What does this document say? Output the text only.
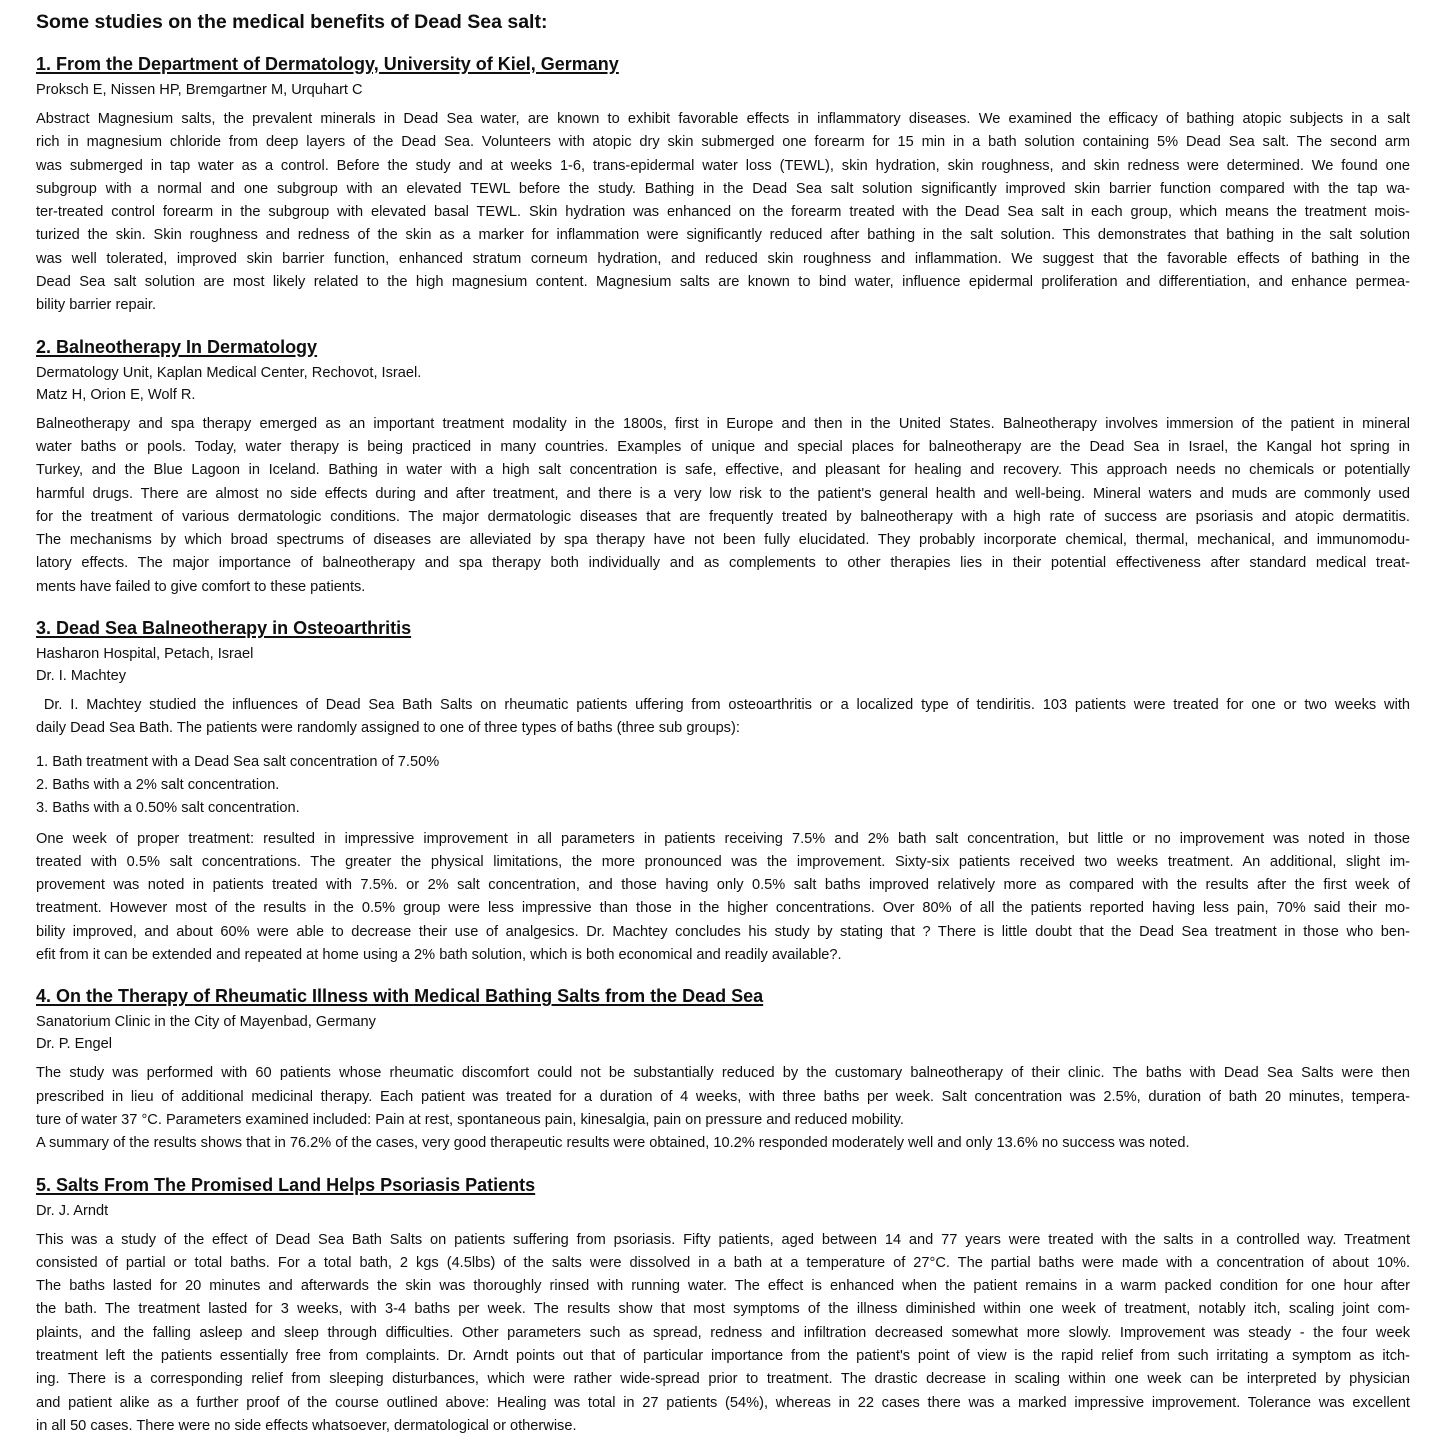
Some studies on the medical benefits of Dead Sea salt:
1. From the Department of Dermatology, University of Kiel, Germany
Proksch E, Nissen HP, Bremgartner M, Urquhart C
Abstract Magnesium salts, the prevalent minerals in Dead Sea water, are known to exhibit favorable effects in inflammatory diseases. We examined the efficacy of bathing atopic subjects in a salt
rich in magnesium chloride from deep layers of the Dead Sea. Volunteers with atopic dry skin submerged one forearm for 15 min in a bath solution containing 5% Dead Sea salt. The second arm
was submerged in tap water as a control. Before the study and at weeks 1-6, trans-epidermal water loss (TEWL), skin hydration, skin roughness, and skin redness were determined. We found one
subgroup with a normal and one subgroup with an elevated TEWL before the study. Bathing in the Dead Sea salt solution significantly improved skin barrier function compared with the tap wa-
ter-treated control forearm in the subgroup with elevated basal TEWL. Skin hydration was enhanced on the forearm treated with the Dead Sea salt in each group, which means the treatment mois-
turized the skin. Skin roughness and redness of the skin as a marker for inflammation were significantly reduced after bathing in the salt solution. This demonstrates that bathing in the salt solution
was well tolerated, improved skin barrier function, enhanced stratum corneum hydration, and reduced skin roughness and inflammation. We suggest that the favorable effects of bathing in the
Dead Sea salt solution are most likely related to the high magnesium content. Magnesium salts are known to bind water, influence epidermal proliferation and differentiation, and enhance permea-
bility barrier repair.
2. Balneotherapy In Dermatology
Dermatology Unit, Kaplan Medical Center, Rechovot, Israel.
Matz H, Orion E, Wolf R.
Balneotherapy and spa therapy emerged as an important treatment modality in the 1800s, first in Europe and then in the United States. Balneotherapy involves immersion of the patient in mineral
water baths or pools. Today, water therapy is being practiced in many countries. Examples of unique and special places for balneotherapy are the Dead Sea in Israel, the Kangal hot spring in
Turkey, and the Blue Lagoon in Iceland. Bathing in water with a high salt concentration is safe, effective, and pleasant for healing and recovery. This approach needs no chemicals or potentially
harmful drugs. There are almost no side effects during and after treatment, and there is a very low risk to the patient's general health and well-being. Mineral waters and muds are commonly used
for the treatment of various dermatologic conditions. The major dermatologic diseases that are frequently treated by balneotherapy with a high rate of success are psoriasis and atopic dermatitis.
The mechanisms by which broad spectrums of diseases are alleviated by spa therapy have not been fully elucidated. They probably incorporate chemical, thermal, mechanical, and immunomodu-
latory effects. The major importance of balneotherapy and spa therapy both individually and as complements to other therapies lies in their potential effectiveness after standard medical treat-
ments have failed to give comfort to these patients.
3. Dead Sea Balneotherapy in Osteoarthritis
Hasharon Hospital, Petach, Israel
Dr. I. Machtey
Dr. I. Machtey studied the influences of Dead Sea Bath Salts on rheumatic patients uffering from osteoarthritis or a localized type of tendiritis. 103 patients were treated for one or two weeks with
daily Dead Sea Bath. The patients were randomly assigned to one of three types of baths (three sub groups):
1. Bath treatment with a Dead Sea salt concentration of 7.50%
2. Baths with a 2% salt concentration.
3. Baths with a 0.50% salt concentration.
One week of proper treatment: resulted in impressive improvement in all parameters in patients receiving 7.5% and 2% bath salt concentration, but little or no improvement was noted in those
treated with 0.5% salt concentrations. The greater the physical limitations, the more pronounced was the improvement. Sixty-six patients received two weeks treatment. An additional, slight im-
provement was noted in patients treated with 7.5%. or 2% salt concentration, and those having only 0.5% salt baths improved relatively more as compared with the results after the first week of
treatment. However most of the results in the 0.5% group were less impressive than those in the higher concentrations. Over 80% of all the patients reported having less pain, 70% said their mo-
bility improved, and about 60% were able to decrease their use of analgesics. Dr. Machtey concludes his study by stating that ? There is little doubt that the Dead Sea treatment in those who ben-
efit from it can be extended and repeated at home using a 2% bath solution, which is both economical and readily available?.
4. On the Therapy of Rheumatic Illness with Medical Bathing Salts from the Dead Sea
Sanatorium Clinic in the City of Mayenbad, Germany
Dr. P. Engel
The study was performed with 60 patients whose rheumatic discomfort could not be substantially reduced by the customary balneotherapy of their clinic. The baths with Dead Sea Salts were then
prescribed in lieu of additional medicinal therapy. Each patient was treated for a duration of 4 weeks, with three baths per week. Salt concentration was 2.5%, duration of bath 20 minutes, tempera-
ture of water 37 °C. Parameters examined included: Pain at rest, spontaneous pain, kinesalgia, pain on pressure and reduced mobility.
A summary of the results shows that in 76.2% of the cases, very good therapeutic results were obtained, 10.2% responded moderately well and only 13.6% no success was noted.
5. Salts From The Promised Land Helps Psoriasis Patients
Dr. J. Arndt
This was a study of the effect of Dead Sea Bath Salts on patients suffering from psoriasis. Fifty patients, aged between 14 and 77 years were treated with the salts in a controlled way. Treatment
consisted of partial or total baths. For a total bath, 2 kgs (4.5lbs) of the salts were dissolved in a bath at a temperature of 27°C. The partial baths were made with a concentration of about 10%.
The baths lasted for 20 minutes and afterwards the skin was thoroughly rinsed with running water. The effect is enhanced when the patient remains in a warm packed condition for one hour after
the bath. The treatment lasted for 3 weeks, with 3-4 baths per week. The results show that most symptoms of the illness diminished within one week of treatment, notably itch, scaling joint com-
plaints, and the falling asleep and sleep through difficulties. Other parameters such as spread, redness and infiltration decreased somewhat more slowly. Improvement was steady - the four week
treatment left the patients essentially free from complaints. Dr. Arndt points out that of particular importance from the patient's point of view is the rapid relief from such irritating a symptom as itch-
ing. There is a corresponding relief from sleeping disturbances, which were rather wide-spread prior to treatment. The drastic decrease in scaling within one week can be interpreted by physician
and patient alike as a further proof of the course outlined above: Healing was total in 27 patients (54%), whereas in 22 cases there was a marked impressive improvement. Tolerance was excellent
in all 50 cases. There were no side effects whatsoever, dermatological or otherwise.
